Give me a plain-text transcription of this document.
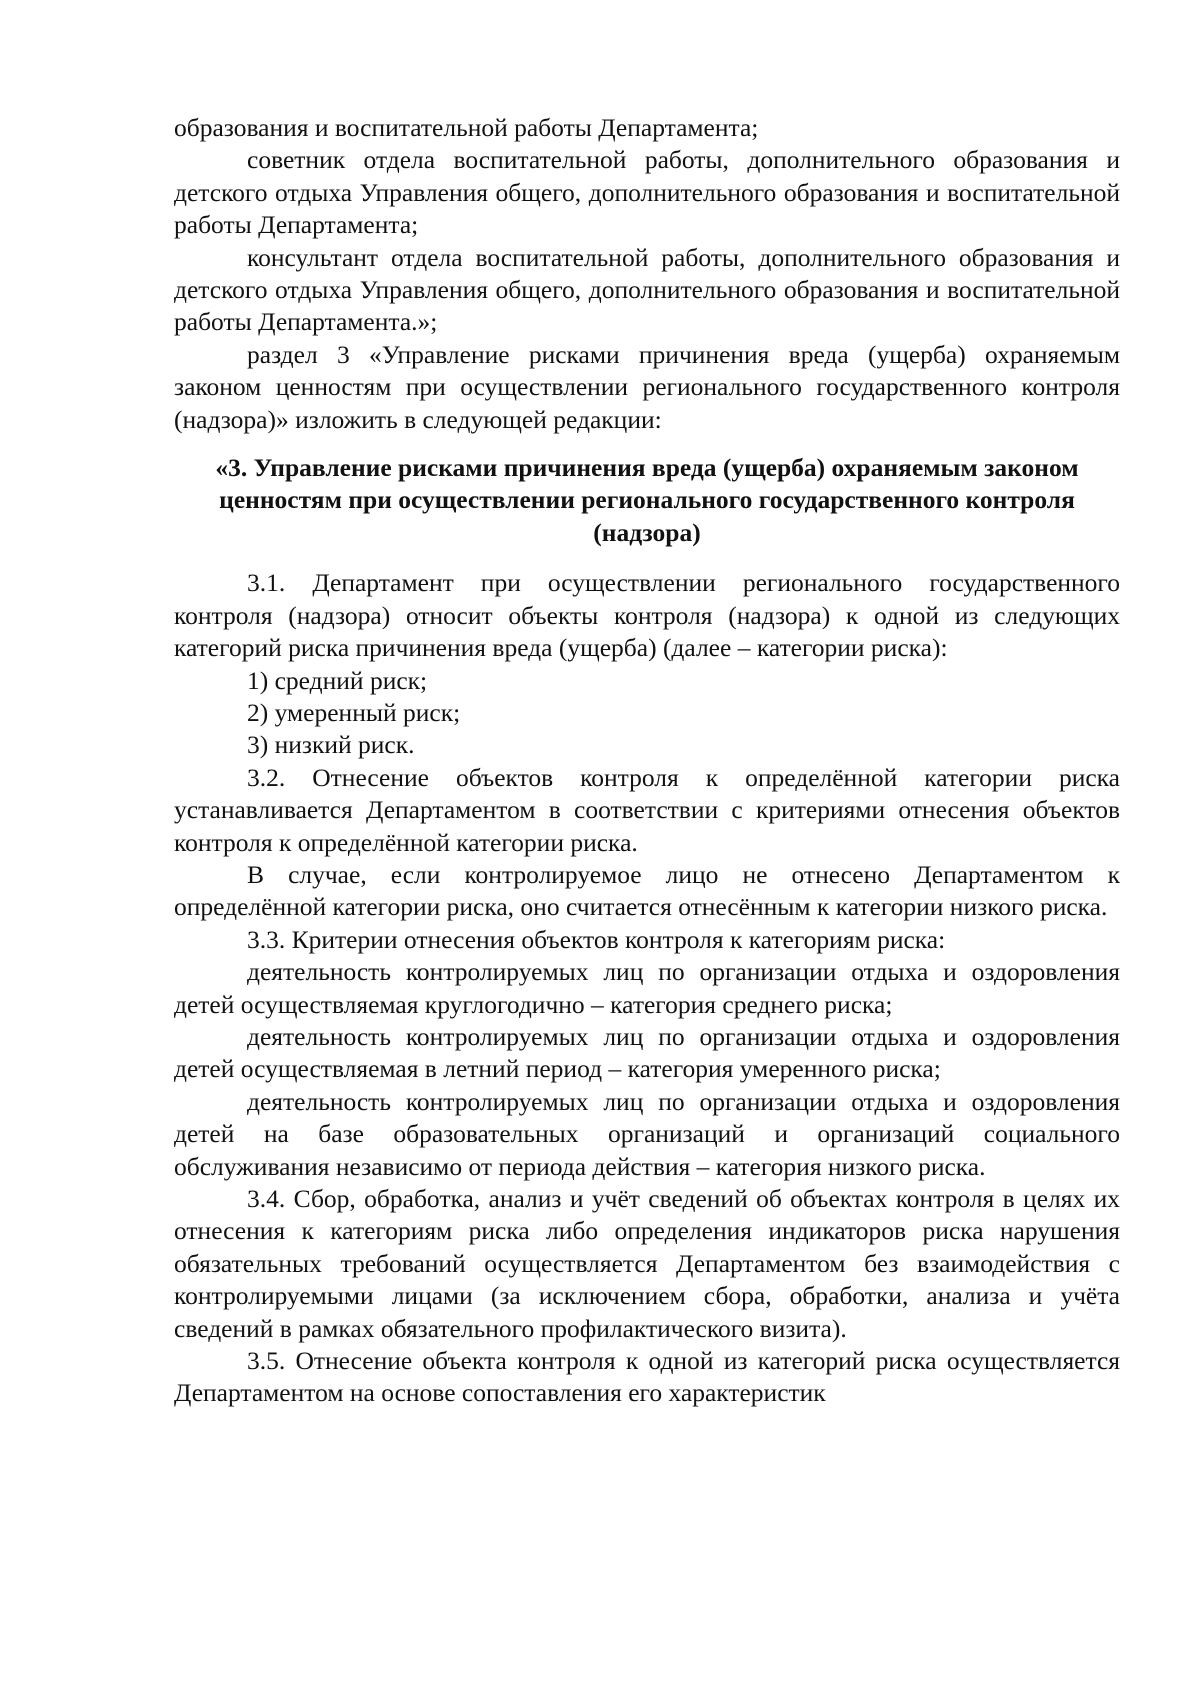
образования и воспитательной работы Департамента;

советник отдела воспитательной работы, дополнительного образования и детского отдыха Управления общего, дополнительного образования и воспитательной работы Департамента;

консультант отдела воспитательной работы, дополнительного образования и детского отдыха Управления общего, дополнительного образования и воспитательной работы Департамента.»;

раздел 3 «Управление рисками причинения вреда (ущерба) охраняемым законом ценностям при осуществлении регионального государственного контроля (надзора)» изложить в следующей редакции:

«3. Управление рисками причинения вреда (ущерба) охраняемым законом ценностям при осуществлении регионального государственного контроля (надзора)

3.1. Департамент при осуществлении регионального государственного контроля (надзора) относит объекты контроля (надзора) к одной из следующих категорий риска причинения вреда (ущерба) (далее – категории риска):

1) средний риск;

2) умеренный риск;

3) низкий риск.

3.2. Отнесение объектов контроля к определённой категории риска устанавливается Департаментом в соответствии с критериями отнесения объектов контроля к определённой категории риска.

В случае, если контролируемое лицо не отнесено Департаментом к определённой категории риска, оно считается отнесённым к категории низкого риска.

3.3. Критерии отнесения объектов контроля к категориям риска:

деятельность контролируемых лиц по организации отдыха и оздоровления детей осуществляемая круглогодично – категория среднего риска;

деятельность контролируемых лиц по организации отдыха и оздоровления детей осуществляемая в летний период – категория умеренного риска;

деятельность контролируемых лиц по организации отдыха и оздоровления детей на базе образовательных организаций и организаций социального обслуживания независимо от периода действия – категория низкого риска.

3.4. Сбор, обработка, анализ и учёт сведений об объектах контроля в целях их отнесения к категориям риска либо определения индикаторов риска нарушения обязательных требований осуществляется Департаментом без взаимодействия с контролируемыми лицами (за исключением сбора, обработки, анализа и учёта сведений в рамках обязательного профилактического визита).

3.5. Отнесение объекта контроля к одной из категорий риска осуществляется Департаментом на основе сопоставления его характеристик
